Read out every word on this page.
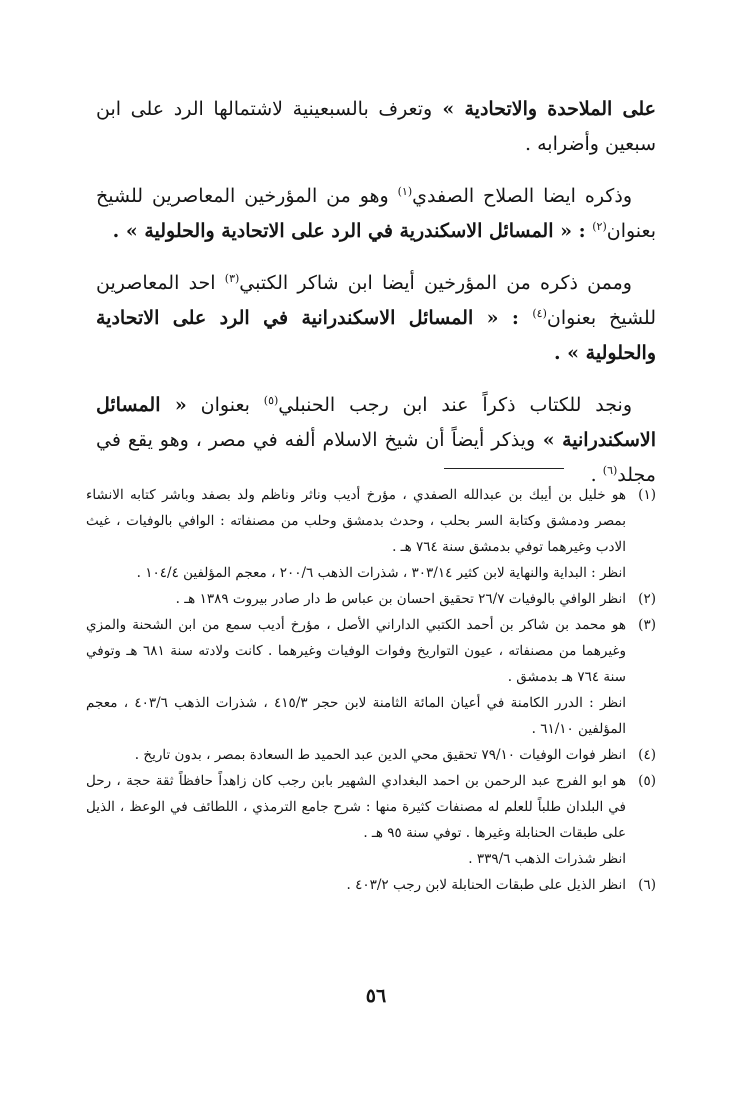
على الملاحدة والاتحادية » وتعرف بالسبعينية لاشتمالها الرد على ابن سبعين وأضرابه .

وذكره ايضا الصلاح الصفدي$^{(١)}$ وهو من المؤرخين المعاصرين للشيخ بعنوان$^{(٢)}$ : « المسائل الاسكندرية في الرد على الاتحادية والحلولية » .

وممن ذكره من المؤرخين أيضا ابن شاكر الكتبي$^{(٣)}$ احد المعاصرين للشيخ بعنوان$^{(٤)}$ : « المسائل الاسكندرانية في الرد على الاتحادية والحلولية » .

ونجد للكتاب ذكراً عند ابن رجب الحنبلي$^{(٥)}$ بعنوان « المسائل الاسكندرانية » ويذكر أيضاً أن شيخ الاسلام ألفه في مصر ، وهو يقع في مجلد$^{(٦)}$ .

(١)

هو خليل بن أيبك بن عبدالله الصفدي ، مؤرخ أديب وناثر وناظم ولد بصفد وباشر كتابه الانشاء بمصر ودمشق وكتابة السر بحلب ، وحدث بدمشق وحلب من مصنفاته : الوافي بالوفيات ، غيث الادب وغيرهما توفي بدمشق سنة ٧٦٤ هـ .

انظر : البداية والنهاية لابن كثير ٣٠٣/١٤ ، شذرات الذهب ٢٠٠/٦ ، معجم المؤلفين ١٠٤/٤ .

(٢)

انظر الوافي بالوفيات ٢٦/٧ تحقيق احسان بن عباس ط دار صادر بيروت ١٣٨٩ هـ .

(٣)

هو محمد بن شاكر بن أحمد الكتبي الداراني الأصل ، مؤرخ أديب سمع من ابن الشحنة والمزي وغيرهما من مصنفاته ، عيون التواريخ وفوات الوفيات وغيرهما . كانت ولادته سنة ٦٨١ هـ وتوفي سنة ٧٦٤ هـ بدمشق .

انظر : الدرر الكامنة في أعيان المائة الثامنة لابن حجر ٤١٥/٣ ، شذرات الذهب ٤٠٣/٦ ، معجم المؤلفين ٦١/١٠ .

(٤)

انظر فوات الوفيات ٧٩/١٠ تحقيق محي الدين عبد الحميد ط السعادة بمصر ، بدون تاريخ .

(٥)

هو ابو الفرج عبد الرحمن بن احمد البغدادي الشهير بابن رجب كان زاهداً حافظاً ثقة حجة ، رحل في البلدان طلباً للعلم له مصنفات كثيرة منها : شرح جامع الترمذي ، اللطائف في الوعظ ، الذيل على طبقات الحنابلة وغيرها . توفي سنة ٩٥ هـ .

انظر شذرات الذهب ٣٣٩/٦ .

(٦)

انظر الذيل على طبقات الحنابلة لابن رجب ٤٠٣/٢ .

٥٦
